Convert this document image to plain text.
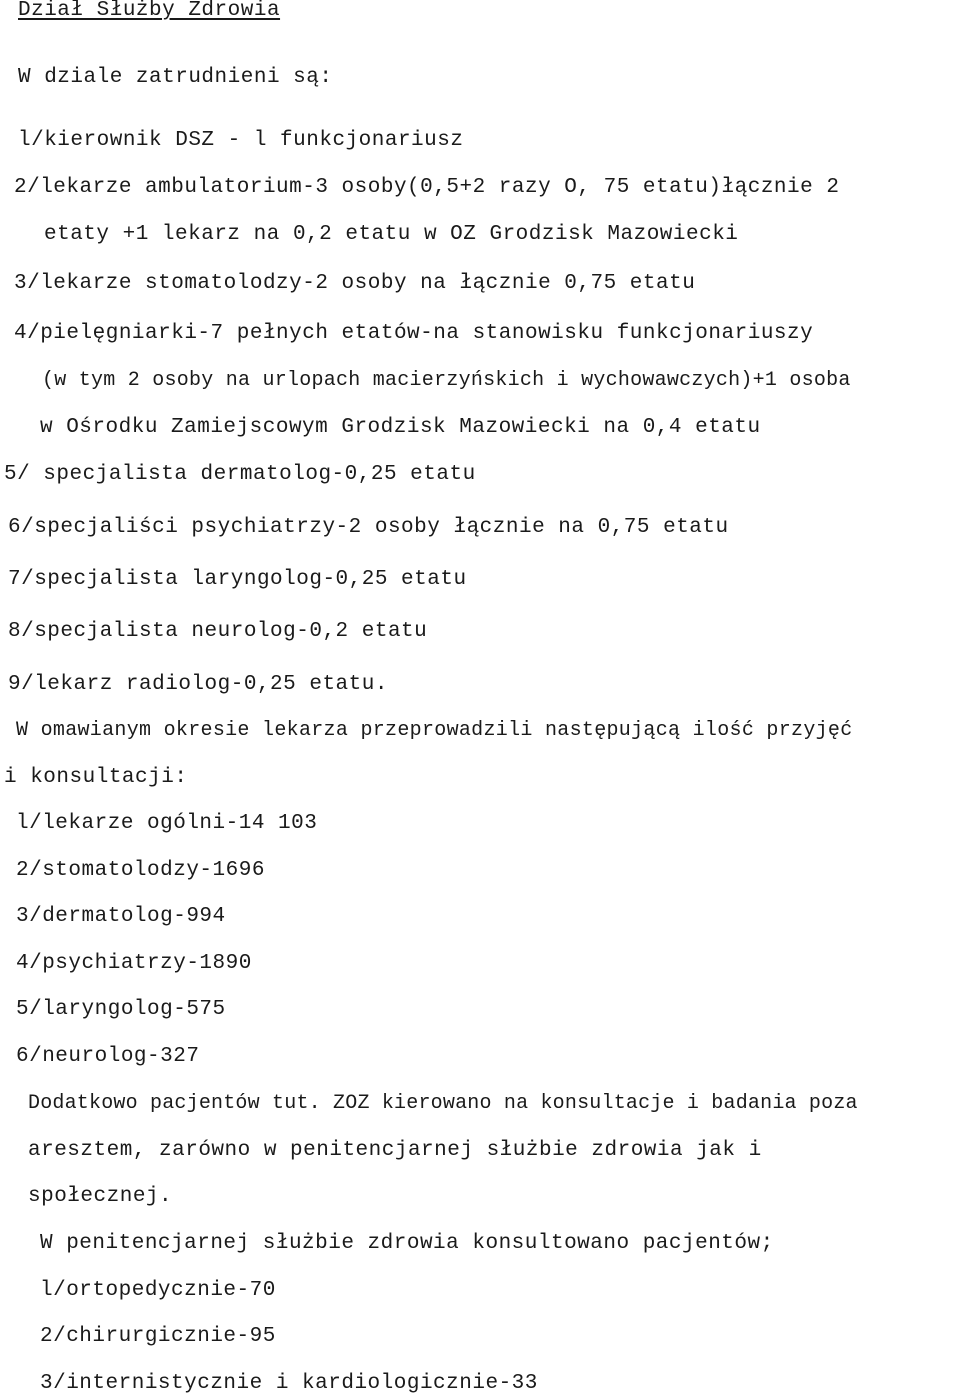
Dział Służby Zdrowia
W dziale zatrudnieni są:
l/kierownik DSZ - l funkcjonariusz
2/lekarze ambulatorium-3 osoby(0,5+2 razy O, 75 etatu)łącznie 2
etaty +1 lekarz na 0,2 etatu w OZ Grodzisk Mazowiecki
3/lekarze stomatolodzy-2 osoby na łącznie 0,75 etatu
4/pielęgniarki-7 pełnych etatów-na stanowisku funkcjonariuszy
(w tym 2 osoby na urlopach macierzyńskich i wychowawczych)+1 osoba
w Ośrodku Zamiejscowym Grodzisk Mazowiecki na 0,4 etatu
5/ specjalista dermatolog-0,25 etatu
6/specjaliści psychiatrzy-2 osoby łącznie na 0,75 etatu
7/specjalista laryngolog-0,25 etatu
8/specjalista neurolog-0,2 etatu
9/lekarz radiolog-0,25 etatu.
W omawianym okresie lekarza przeprowadzili następującą ilość przyjęć
i konsultacji:
l/lekarze ogólni-14 103
2/stomatolodzy-1696
3/dermatolog-994
4/psychiatrzy-1890
5/laryngolog-575
6/neurolog-327
Dodatkowo pacjentów tut. ZOZ kierowano na konsultacje i badania poza
aresztem, zarówno w penitencjarnej służbie zdrowia jak i
społecznej.
W penitencjarnej służbie zdrowia konsultowano pacjentów;
l/ortopedycznie-70
2/chirurgicznie-95
3/internistycznie i kardiologicznie-33
